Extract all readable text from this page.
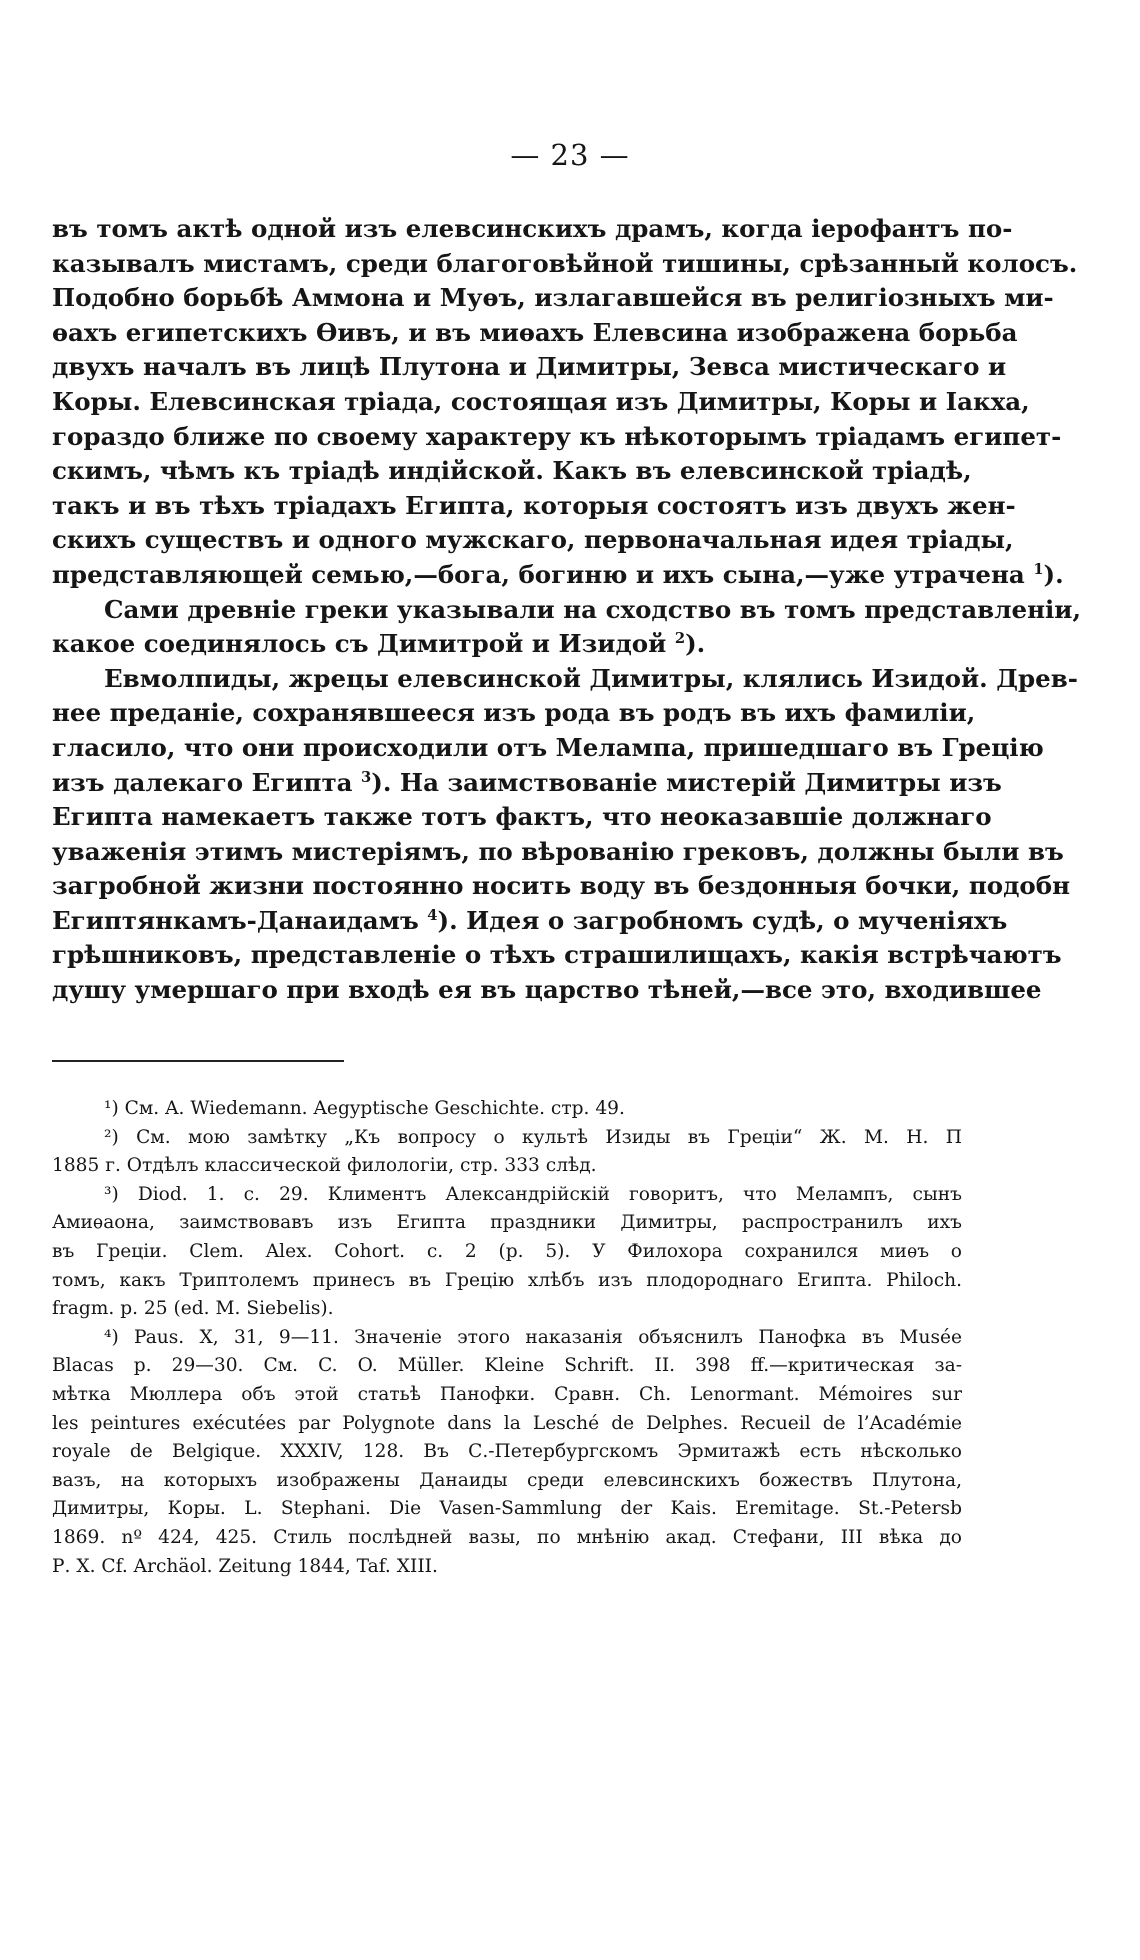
— 23 —
въ томъ актѣ одной изъ елевсинскихъ драмъ, когда іерофантъ по-
казывалъ мистамъ, среди благоговѣйной тишины, срѣзанный колосъ.
Подобно борьбѣ Аммона и Муѳъ, излагавшейся въ религіозныхъ ми-
ѳахъ египетскихъ Ѳивъ, и въ миѳахъ Елевсина изображена борьба
двухъ началъ въ лицѣ Плутона и Димитры, Зевса мистическаго и
Коры. Елевсинская тріада, состоящая изъ Димитры, Коры и Іакха,
гораздо ближе по своему характеру къ нѣкоторымъ тріадамъ египет-
скимъ, чѣмъ къ тріадѣ индійской. Какъ въ елевсинской тріадѣ,
такъ и въ тѣхъ тріадахъ Египта, которыя состоятъ изъ двухъ жен-
скихъ существъ и одного мужскаго, первоначальная идея тріады,
представляющей семью,—бога, богиню и ихъ сына,—уже утрачена $^1$).
Сами древніе греки указывали на сходство въ томъ представленіи,
какое соединялось съ Димитрой и Изидой $^2$).
Евмолпиды, жрецы елевсинской Димитры, клялись Изидой. Древ-
нее преданіе, сохранявшееся изъ рода въ родъ въ ихъ фамиліи,
гласило, что они происходили отъ Мелампа, пришедшаго въ Грецію
изъ далекаго Египта $^3$). На заимствованіе мистерій Димитры изъ
Египта намекаетъ также тотъ фактъ, что неоказавшіе должнаго
уваженія этимъ мистеріямъ, по вѣрованію грековъ, должны были въ
загробной жизни постоянно носить воду въ бездонныя бочки, подобн
Египтянкамъ-Данаидамъ $^4$). Идея о загробномъ судѣ, о мученіяхъ
грѣшниковъ, представленіе о тѣхъ страшилищахъ, какія встрѣчаютъ
душу умершаго при входѣ ея въ царство тѣней,—все это, входившее
¹) См. A. Wiedemann. Aegyptische Geschichte. стр. 49.
²) См. мою замѣтку „Къ вопросу о культѣ Изиды въ Греціи“ Ж. М. Н. П
1885 г. Отдѣлъ классической филологіи, стр. 333 слѣд.
³) Diod. 1. c. 29. Климентъ Александрійскій говоритъ, что Мелампъ, сынъ
Амиѳаона, заимствовавъ изъ Египта праздники Димитры, распространилъ ихъ
въ Греціи. Clem. Alex. Cohort. c. 2 (p. 5). У Филохора сохранился миѳъ о
томъ, какъ Триптолемъ принесъ въ Грецію хлѣбъ изъ плодороднаго Египта. Philoch.
fragm. p. 25 (ed. M. Siebelis).
⁴) Paus. X, 31, 9—11. Значеніе этого наказанія объяснилъ Панофка въ Musée
Blacas p. 29—30. См. C. O. Müller. Kleine Schrift. II. 398 ff.—критическая за-
мѣтка Мюллера объ этой статьѣ Панофки. Сравн. Ch. Lenormant. Mémoires sur
les peintures exécutées par Polygnote dans la Lesché de Delphes. Recueil de l’Académie
royale de Belgique. XXXIV, 128. Въ С.-Петербургскомъ Эрмитажѣ есть нѣсколько
вазъ, на которыхъ изображены Данаиды среди елевсинскихъ божествъ Плутона,
Димитры, Коры. L. Stephani. Die Vasen-Sammlung der Kais. Eremitage. St.-Petersb
1869. nº 424, 425. Стиль послѣдней вазы, по мнѣнію акад. Стефани, III вѣка до
Р. Х. Cf. Archäol. Zeitung 1844, Taf. XIII.
